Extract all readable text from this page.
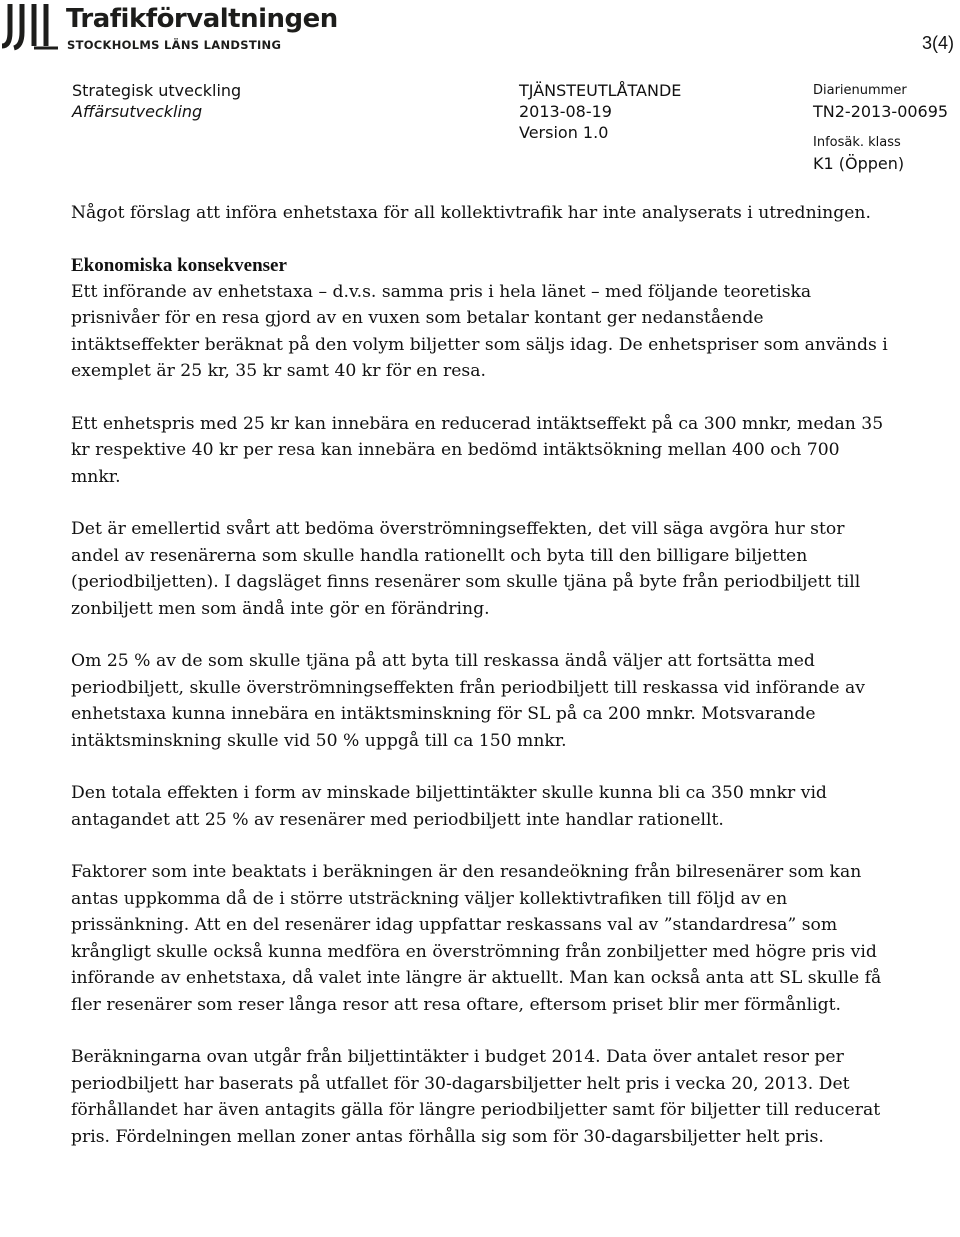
Trafikförvaltningen
STOCKHOLMS LÄNS LANDSTING	3(4)
Strategisk utveckling
Affärsutveckling
TJÄNSTEUTLÅTANDE
2013-08-19
Version 1.0
Diarienummer
TN2-2013-00695
Infosäk. klass
K1 (Öppen)

Något förslag att införa enhetstaxa för all kollektivtrafik har inte analyserats i utredningen.

Ekonomiska konsekvenser

Ett införande av enhetstaxa – d.v.s. samma pris i hela länet – med följande teoretiska prisnivåer för en resa gjord av en vuxen som betalar kontant ger nedanstående intäktseffekter beräknat på den volym biljetter som säljs idag. De enhetspriser som används i exemplet är 25 kr, 35 kr samt 40 kr för en resa.

Ett enhetspris med 25 kr kan innebära en reducerad intäktseffekt på ca 300 mnkr, medan 35 kr respektive 40 kr per resa kan innebära en bedömd intäktsökning mellan 400 och 700 mnkr.

Det är emellertid svårt att bedöma överströmningseffekten, det vill säga avgöra hur stor andel av resenärerna som skulle handla rationellt och byta till den billigare biljetten (periodbiljetten). I dagsläget finns resenärer som skulle tjäna på byte från periodbiljett till zonbiljett men som ändå inte gör en förändring.

Om 25 % av de som skulle tjäna på att byta till reskassa ändå väljer att fortsätta med periodbiljett, skulle överströmningseffekten från periodbiljett till reskassa vid införande av enhetstaxa kunna innebära en intäktsminskning för SL på ca 200 mnkr. Motsvarande intäktsminskning skulle vid 50 % uppgå till ca 150 mnkr.

Den totala effekten i form av minskade biljettintäkter skulle kunna bli ca 350 mnkr vid antagandet att 25 % av resenärer med periodbiljett inte handlar rationellt.

Faktorer som inte beaktats i beräkningen är den resandeökning från bilresenärer som kan antas uppkomma då de i större utsträckning väljer kollektivtrafiken till följd av en prissänkning. Att en del resenärer idag uppfattar reskassans val av ”standardresa” som krångligt skulle också kunna medföra en överströmning från zonbiljetter med högre pris vid införande av enhetstaxa, då valet inte längre är aktuellt. Man kan också anta att SL skulle få fler resenärer som reser långa resor att resa oftare, eftersom priset blir mer förmånligt.

Beräkningarna ovan utgår från biljettintäkter i budget 2014. Data över antalet resor per periodbiljett har baserats på utfallet för 30-dagarsbiljetter helt pris i vecka 20, 2013. Det förhållandet har även antagits gälla för längre periodbiljetter samt för biljetter till reducerat pris. Fördelningen mellan zoner antas förhålla sig som för 30-dagarsbiljetter helt pris.
